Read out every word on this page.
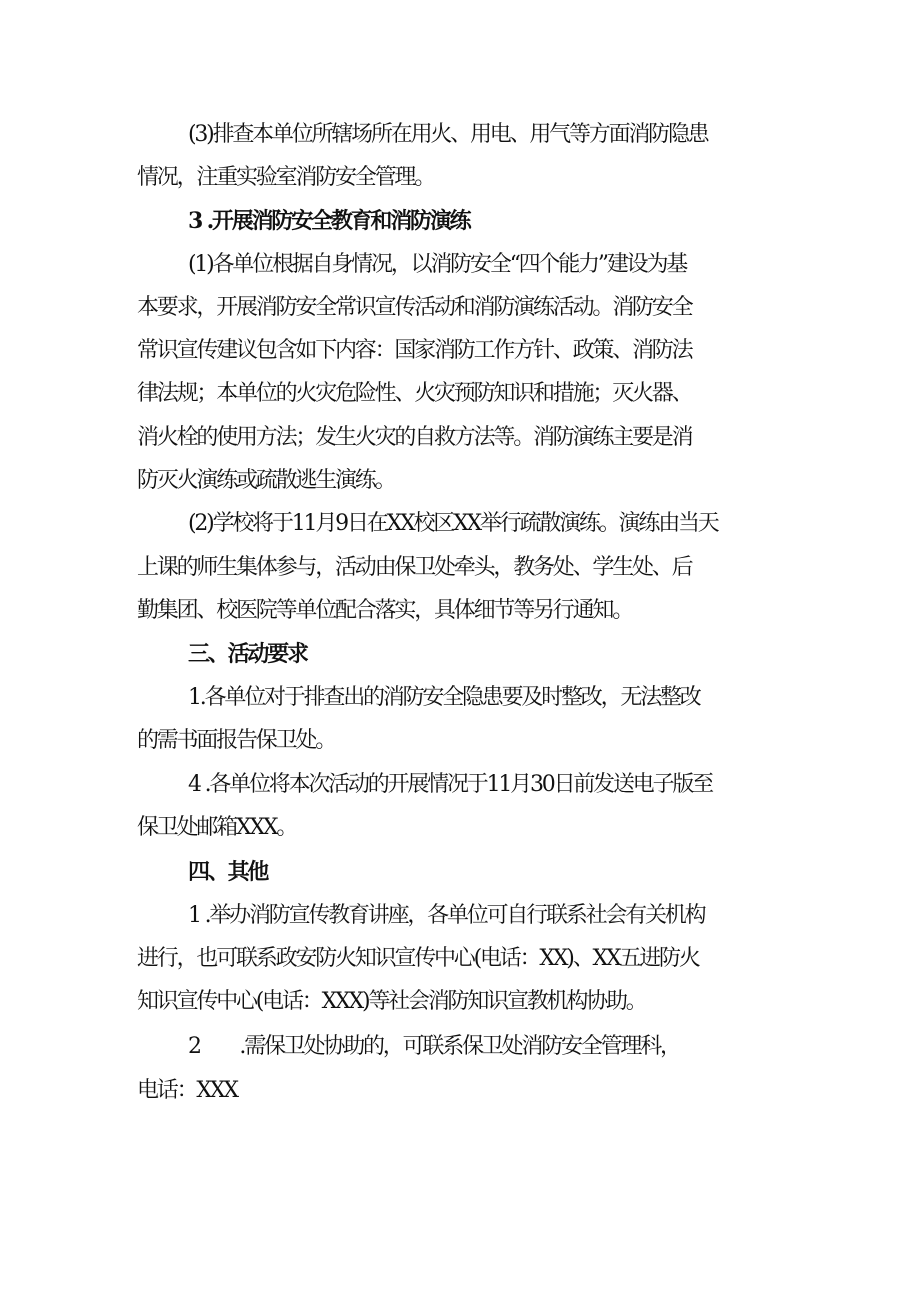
(3)排查本单位所辖场所在用火、用电、用气等方面消防隐患
情况，注重实验室消防安全管理。
3 .开展消防安全教育和消防演练
(1)各单位根据自身情况，以消防安全“四个能力”建设为基
本要求，开展消防安全常识宣传活动和消防演练活动。消防安全
常识宣传建议包含如下内容：国家消防工作方针、政策、消防法
律法规；本单位的火灾危险性、火灾预防知识和措施；灭火器、
消火栓的使用方法；发生火灾的自救方法等。消防演练主要是消
防灭火演练或疏散逃生演练。
(2)学校将于11月9日在XX校区XX举行疏散演练。演练由当天
上课的师生集体参与，活动由保卫处牵头，教务处、学生处、后
勤集团、校医院等单位配合落实，具体细节等另行通知。
三、活动要求
1.各单位对于排查出的消防安全隐患要及时整改，无法整改
的需书面报告保卫处。
4 .各单位将本次活动的开展情况于11月30日前发送电子版至
保卫处邮箱XXX。
四、其他
1 .举办消防宣传教育讲座，各单位可自行联系社会有关机构
进行，也可联系政安防火知识宣传中心(电话：XX)、XX五进防火
知识宣传中心(电话：XXX)等社会消防知识宣教机构协助。
2　　.需保卫处协助的，可联系保卫处消防安全管理科，
电话：XXX
